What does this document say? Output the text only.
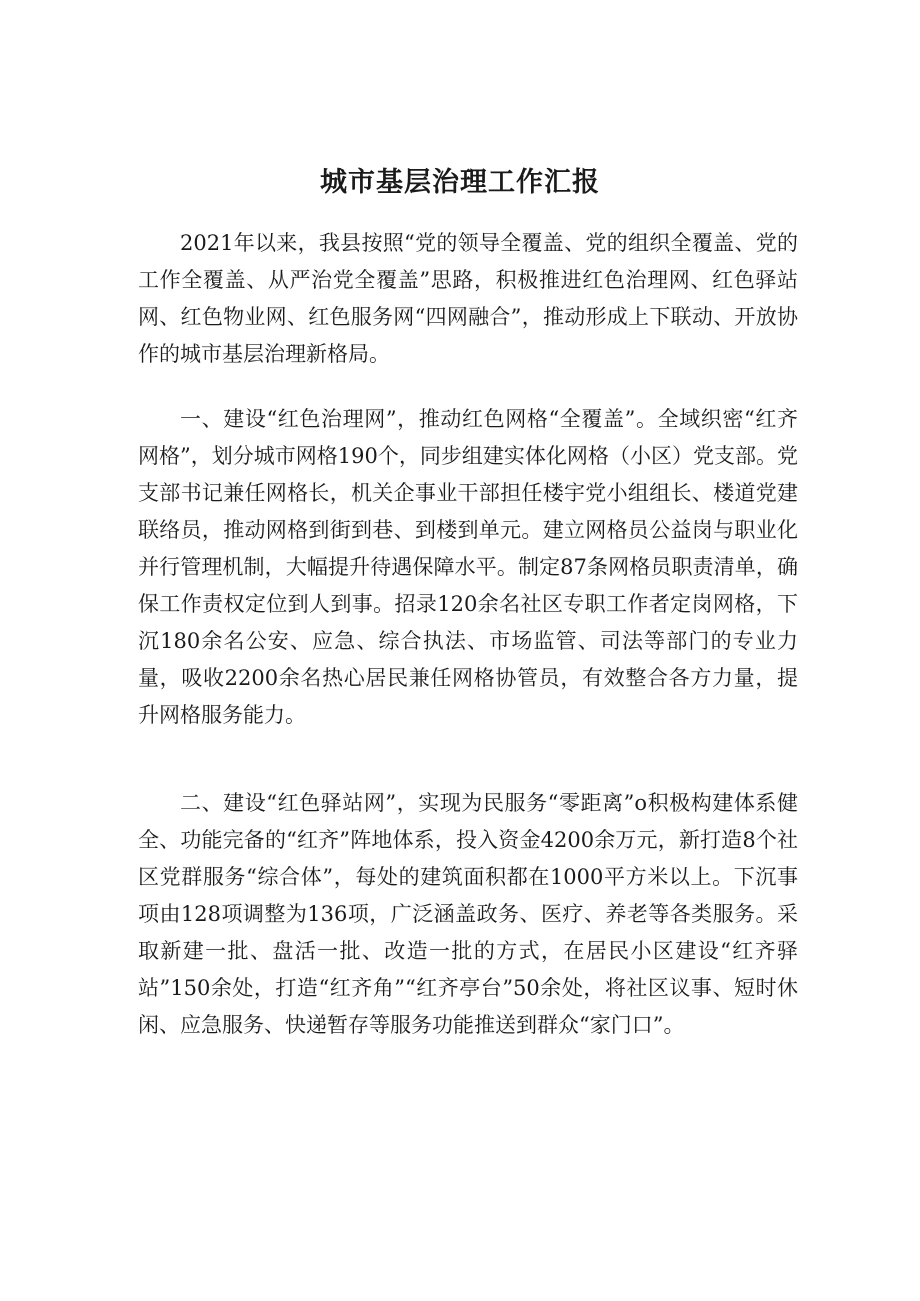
城市基层治理工作汇报

2021年以来，我县按照“党的领导全覆盖、党的组织全覆盖、党的工作全覆盖、从严治党全覆盖”思路，积极推进红色治理网、红色驿站网、红色物业网、红色服务网“四网融合”，推动形成上下联动、开放协作的城市基层治理新格局。

一、建设“红色治理网”，推动红色网格“全覆盖”。全域织密“红齐网格”，划分城市网格190个，同步组建实体化网格（小区）党支部。党支部书记兼任网格长，机关企事业干部担任楼宇党小组组长、楼道党建联络员，推动网格到街到巷、到楼到单元。建立网格员公益岗与职业化并行管理机制，大幅提升待遇保障水平。制定87条网格员职责清单，确保工作责权定位到人到事。招录120余名社区专职工作者定岗网格，下沉180余名公安、应急、综合执法、市场监管、司法等部门的专业力量，吸收2200余名热心居民兼任网格协管员，有效整合各方力量，提升网格服务能力。

二、建设“红色驿站网”，实现为民服务“零距离”o积极构建体系健全、功能完备的“红齐”阵地体系，投入资金4200余万元，新打造8个社区党群服务“综合体”，每处的建筑面积都在1000平方米以上。下沉事项由128项调整为136项，广泛涵盖政务、医疗、养老等各类服务。采取新建一批、盘活一批、改造一批的方式，在居民小区建设“红齐驿站”150余处，打造“红齐角”“红齐亭台”50余处，将社区议事、短时休闲、应急服务、快递暂存等服务功能推送到群众“家门口”。
